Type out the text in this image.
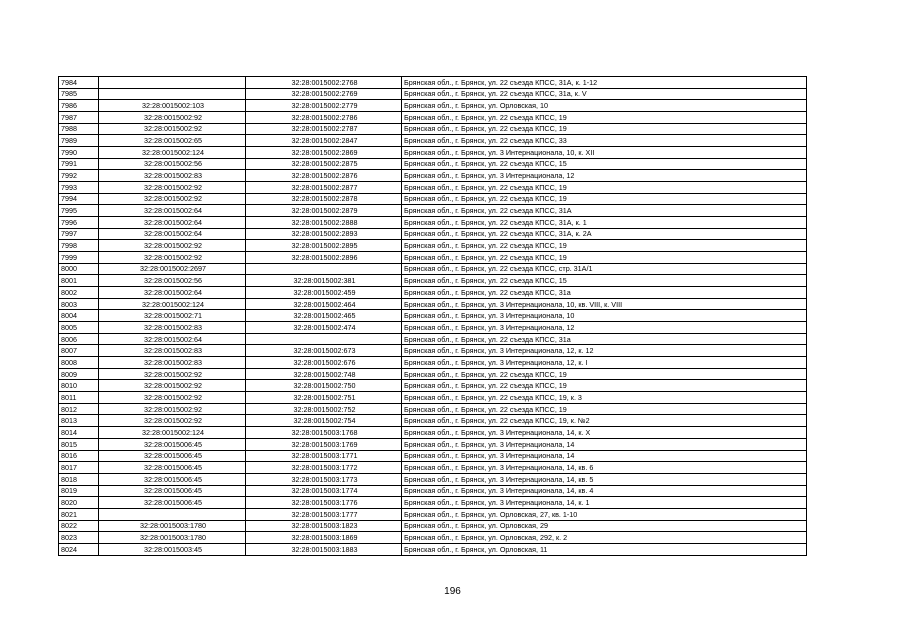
7984		32:28:0015002:2768	Брянская обл., г. Брянск, ул. 22 съезда КПСС, 31А, к. 1-12
7985		32:28:0015002:2769	Брянская обл., г. Брянск, ул. 22 съезда КПСС, 31а, к. V
7986	32:28:0015002:103	32:28:0015002:2779	Брянская обл., г. Брянск, ул. Орловская, 10
7987	32:28:0015002:92	32:28:0015002:2786	Брянская обл., г. Брянск, ул. 22 съезда КПСС, 19
7988	32:28:0015002:92	32:28:0015002:2787	Брянская обл., г. Брянск, ул. 22 съезда КПСС, 19
7989	32:28:0015002:65	32:28:0015002:2847	Брянская обл., г. Брянск, ул. 22 съезда КПСС, 33
7990	32:28:0015002:124	32:28:0015002:2869	Брянская обл., г. Брянск, ул. 3 Интернационала, 10, к. XII
7991	32:28:0015002:56	32:28:0015002:2875	Брянская обл., г. Брянск, ул. 22 съезда КПСС, 15
7992	32:28:0015002:83	32:28:0015002:2876	Брянская обл., г. Брянск, ул. 3 Интернационала, 12
7993	32:28:0015002:92	32:28:0015002:2877	Брянская обл., г. Брянск, ул. 22 съезда КПСС, 19
7994	32:28:0015002:92	32:28:0015002:2878	Брянская обл., г. Брянск, ул. 22 съезда КПСС, 19
7995	32:28:0015002:64	32:28:0015002:2879	Брянская обл., г. Брянск, ул. 22 съезда КПСС, 31А
7996	32:28:0015002:64	32:28:0015002:2888	Брянская обл., г. Брянск, ул. 22 съезда КПСС, 31А, к. 1
7997	32:28:0015002:64	32:28:0015002:2893	Брянская обл., г. Брянск, ул. 22 съезда КПСС, 31А, к. 2А
7998	32:28:0015002:92	32:28:0015002:2895	Брянская обл., г. Брянск, ул. 22 съезда КПСС, 19
7999	32:28:0015002:92	32:28:0015002:2896	Брянская обл., г. Брянск, ул. 22 съезда КПСС, 19
8000	32:28:0015002:2697		Брянская обл., г. Брянск, ул. 22 съезда КПСС, стр. 31А/1
8001	32:28:0015002:56	32:28:0015002:381	Брянская обл., г. Брянск, ул. 22 съезда КПСС, 15
8002	32:28:0015002:64	32:28:0015002:459	Брянская обл., г. Брянск, ул. 22 съезда КПСС, 31а
8003	32:28:0015002:124	32:28:0015002:464	Брянская обл., г. Брянск, ул. 3 Интернационала, 10, кв. VIII, к. VIII
8004	32:28:0015002:71	32:28:0015002:465	Брянская обл., г. Брянск, ул. 3 Интернационала, 10
8005	32:28:0015002:83	32:28:0015002:474	Брянская обл., г. Брянск, ул. 3 Интернационала, 12
8006	32:28:0015002:64		Брянская обл., г. Брянск, ул. 22 съезда КПСС, 31а
8007	32:28:0015002:83	32:28:0015002:673	Брянская обл., г. Брянск, ул. 3 Интернационала, 12, к. 12
8008	32:28:0015002:83	32:28:0015002:676	Брянская обл., г. Брянск, ул. 3 Интернационала, 12, к. I
8009	32:28:0015002:92	32:28:0015002:748	Брянская обл., г. Брянск, ул. 22 съезда КПСС, 19
8010	32:28:0015002:92	32:28:0015002:750	Брянская обл., г. Брянск, ул. 22 съезда КПСС, 19
8011	32:28:0015002:92	32:28:0015002:751	Брянская обл., г. Брянск, ул. 22 съезда КПСС, 19, к. 3
8012	32:28:0015002:92	32:28:0015002:752	Брянская обл., г. Брянск, ул. 22 съезда КПСС, 19
8013	32:28:0015002:92	32:28:0015002:754	Брянская обл., г. Брянск, ул. 22 съезда КПСС, 19, к. №2
8014	32:28:0015002:124	32:28:0015003:1768	Брянская обл., г. Брянск, ул. 3 Интернационала, 14, к. X
8015	32:28:0015006:45	32:28:0015003:1769	Брянская обл., г. Брянск, ул. 3 Интернационала, 14
8016	32:28:0015006:45	32:28:0015003:1771	Брянская обл., г. Брянск, ул. 3 Интернационала, 14
8017	32:28:0015006:45	32:28:0015003:1772	Брянская обл., г. Брянск, ул. 3 Интернационала, 14, кв. 6
8018	32:28:0015006:45	32:28:0015003:1773	Брянская обл., г. Брянск, ул. 3 Интернационала, 14, кв. 5
8019	32:28:0015006:45	32:28:0015003:1774	Брянская обл., г. Брянск, ул. 3 Интернационала, 14, кв. 4
8020	32:28:0015006:45	32:28:0015003:1776	Брянская обл., г. Брянск, ул. 3 Интернационала, 14, к. 1
8021		32:28:0015003:1777	Брянская обл., г. Брянск, ул. Орловская, 27, кв. 1-10
8022	32:28:0015003:1780	32:28:0015003:1823	Брянская обл., г. Брянск, ул. Орловская, 29
8023	32:28:0015003:1780	32:28:0015003:1869	Брянская обл., г. Брянск, ул. Орловская, 292, к. 2
8024	32:28:0015003:45	32:28:0015003:1883	Брянская обл., г. Брянск, ул. Орловская, 11
196
